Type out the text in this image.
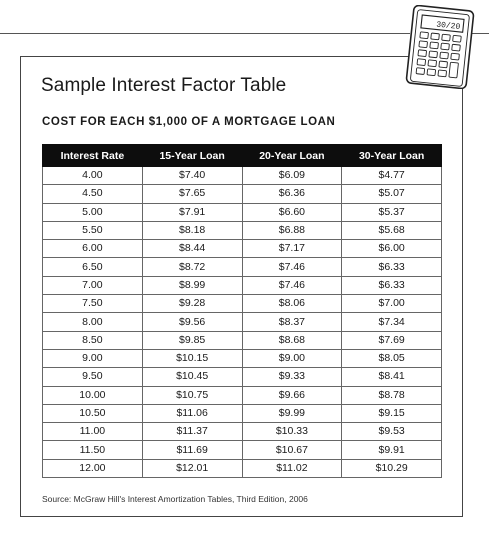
Sample Interest Factor Table
COST FOR EACH $1,000 OF A MORTGAGE LOAN
Interest Rate	15-Year Loan	20-Year Loan	30-Year Loan
4.00	$7.40	$6.09	$4.77
4.50	$7.65	$6.36	$5.07
5.00	$7.91	$6.60	$5.37
5.50	$8.18	$6.88	$5.68
6.00	$8.44	$7.17	$6.00
6.50	$8.72	$7.46	$6.33
7.00	$8.99	$7.46	$6.33
7.50	$9.28	$8.06	$7.00
8.00	$9.56	$8.37	$7.34
8.50	$9.85	$8.68	$7.69
9.00	$10.15	$9.00	$8.05
9.50	$10.45	$9.33	$8.41
10.00	$10.75	$9.66	$8.78
10.50	$11.06	$9.99	$9.15
11.00	$11.37	$10.33	$9.53
11.50	$11.69	$10.67	$9.91
12.00	$12.01	$11.02	$10.29
Source: McGraw Hill's Interest Amortization Tables, Third Edition, 2006
30/20
